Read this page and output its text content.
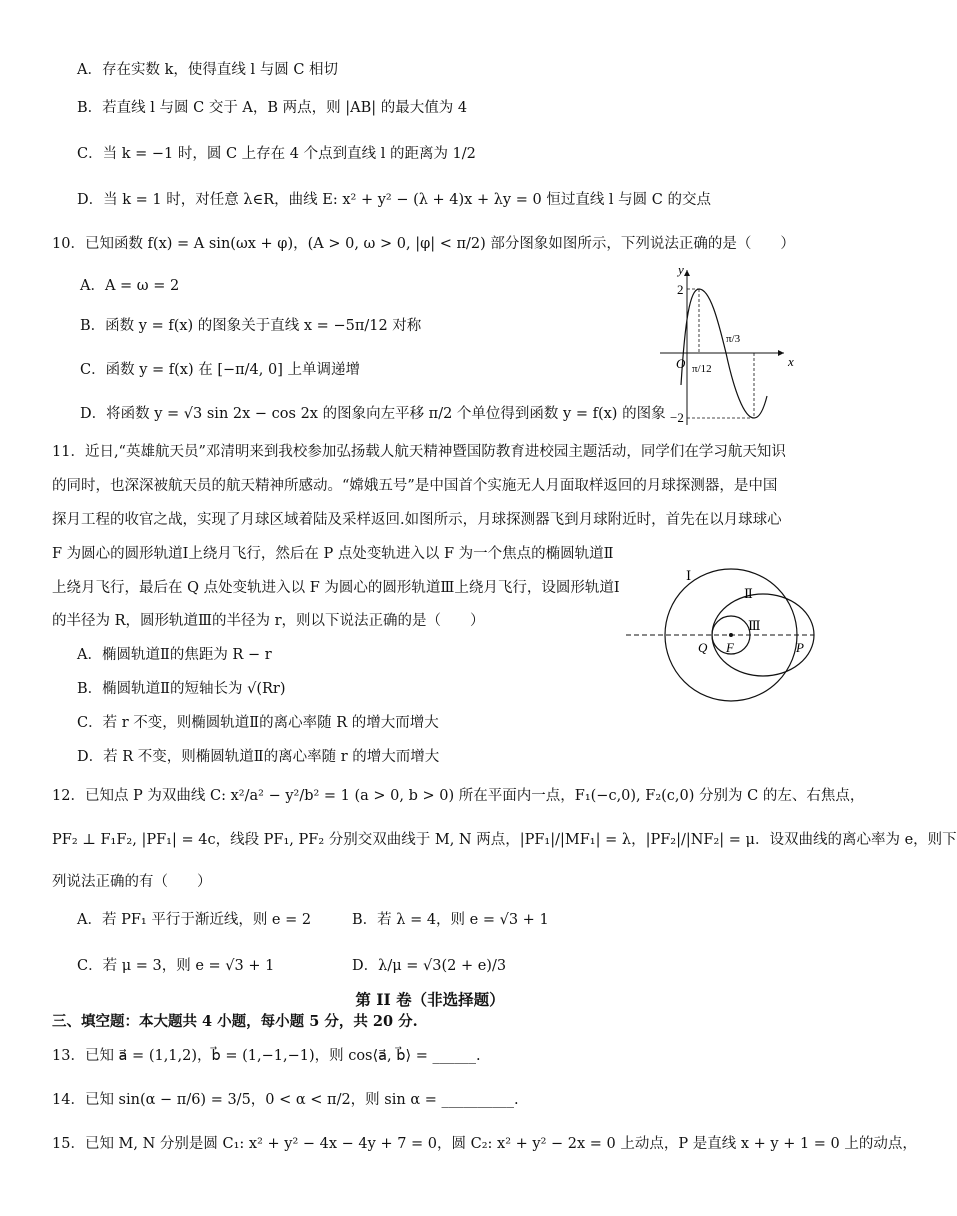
A．存在实数 k，使得直线 l 与圆 C 相切
B．若直线 l 与圆 C 交于 A，B 两点，则 |AB| 的最大值为 4
C．当 k = −1 时，圆 C 上存在 4 个点到直线 l 的距离为 1/2
D．当 k = 1 时，对任意 λ∈R，曲线 E: x² + y² − (λ + 4)x + λy = 0 恒过直线 l 与圆 C 的交点
10．已知函数 f(x) = A sin(ωx + φ)，(A > 0, ω > 0, |φ| < π/2) 部分图象如图所示，下列说法正确的是（　　）
A．A = ω = 2
B．函数 y = f(x) 的图象关于直线 x = −5π/12 对称
C．函数 y = f(x) 在 [−π/4, 0] 上单调递增
D．将函数 y = √3 sin 2x − cos 2x 的图象向左平移 π/2 个单位得到函数 y = f(x) 的图象
y
x
O
2
−2
π/12
π/3
11．近日,“英雄航天员”邓清明来到我校参加弘扬载人航天精神暨国防教育进校园主题活动，同学们在学习航天知识
的同时，也深深被航天员的航天精神所感动。“嫦娥五号”是中国首个实施无人月面取样返回的月球探测器，是中国
探月工程的收官之战，实现了月球区域着陆及采样返回.如图所示，月球探测器飞到月球附近时，首先在以月球球心
F 为圆心的圆形轨道Ⅰ上绕月飞行，然后在 P 点处变轨进入以 F 为一个焦点的椭圆轨道Ⅱ
上绕月飞行，最后在 Q 点处变轨进入以 F 为圆心的圆形轨道Ⅲ上绕月飞行，设圆形轨道Ⅰ
的半径为 R，圆形轨道Ⅲ的半径为 r，则以下说法正确的是（　　）
A．椭圆轨道Ⅱ的焦距为 R − r
B．椭圆轨道Ⅱ的短轴长为 √(Rr)
C．若 r 不变，则椭圆轨道Ⅱ的离心率随 R 的增大而增大
D．若 R 不变，则椭圆轨道Ⅱ的离心率随 r 的增大而增大
Ⅰ
Ⅱ
Ⅲ
Q F	P
12．已知点 P 为双曲线 C: x²/a² − y²/b² = 1 (a > 0, b > 0) 所在平面内一点，F₁(−c,0), F₂(c,0) 分别为 C 的左、右焦点，
PF₂ ⊥ F₁F₂, |PF₁| = 4c，线段 PF₁, PF₂ 分别交双曲线于 M, N 两点，|PF₁|/|MF₁| = λ，|PF₂|/|NF₂| = μ．设双曲线的离心率为 e，则下
列说法正确的有（　　）
A．若 PF₁ 平行于渐近线，则 e = 2	B．若 λ = 4，则 e = √3 + 1
C．若 μ = 3，则 e = √3 + 1	D．λ/μ = √3(2 + e)/3
第 II 卷（非选择题）
三、填空题：本大题共 4 小题，每小题 5 分，共 20 分.
13．已知 a⃗ = (1,1,2)，b⃗ = (1,−1,−1)，则 cos⟨a⃗, b⃗⟩ = ______.
14．已知 sin(α − π/6) = 3/5，0 < α < π/2，则 sin α = __________.
15．已知 M, N 分别是圆 C₁: x² + y² − 4x − 4y + 7 = 0，圆 C₂: x² + y² − 2x = 0 上动点，P 是直线 x + y + 1 = 0 上的动点，
